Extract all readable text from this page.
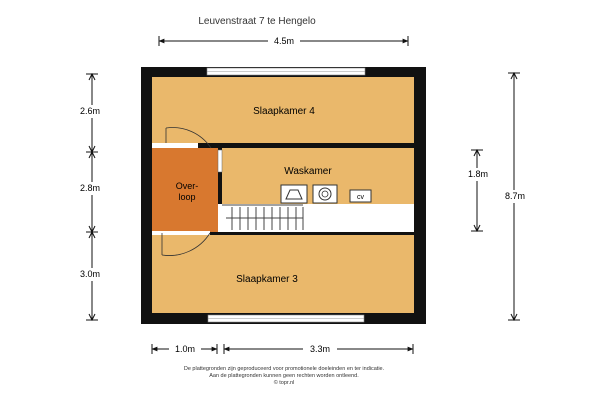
Leuvenstraat 7 te Hengelo
4.5m
2.6m
2.8m
3.0m
1.8m
8.7m
cv
Slaapkamer 4
Waskamer
Over-
loop
Slaapkamer 3
1.0m	3.3m
De plattegronden zijn geproduceerd voor promotionele doeleinden en ter indicatie.
Aan de plattegronden kunnen geen rechten worden ontleend.
© topr.nl
